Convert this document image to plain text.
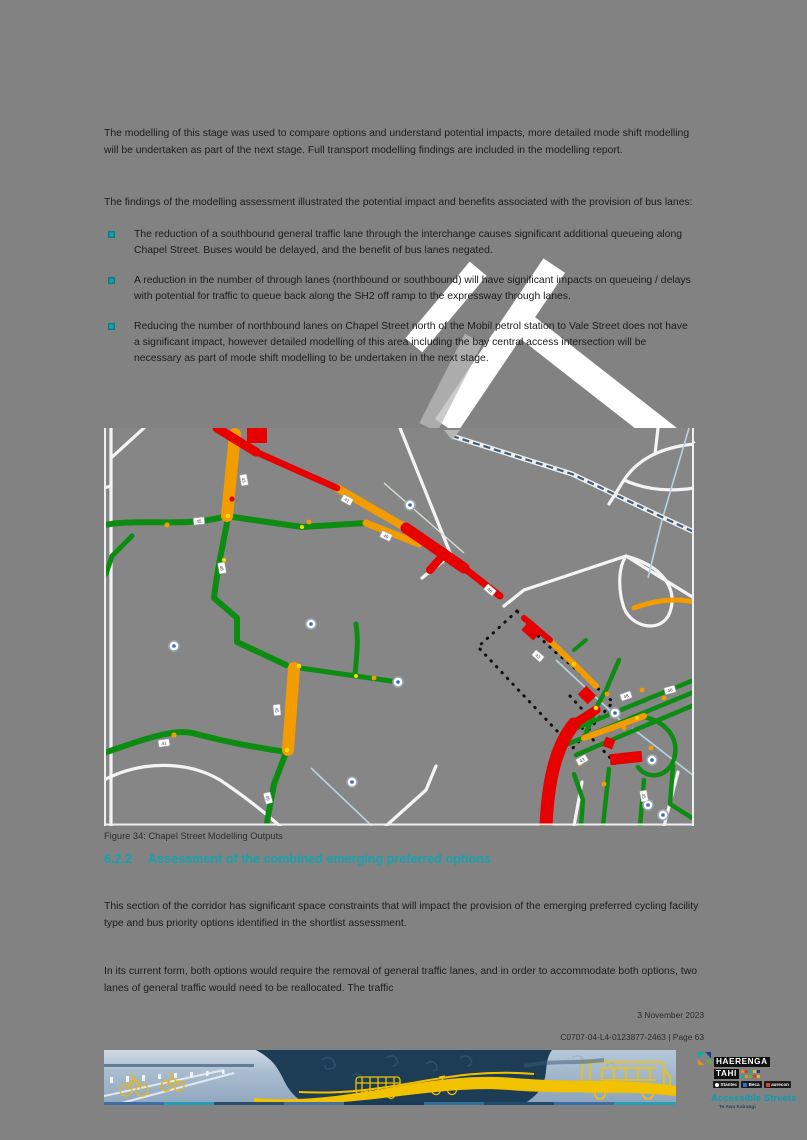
The modelling of this stage was used to compare options and understand potential impacts, more detailed mode shift modelling will be undertaken as part of the next stage. Full transport modelling findings are included in the modelling report.

The findings of the modelling assessment illustrated the potential impact and benefits associated with the provision of bus lanes:

The reduction of a southbound general traffic lane through the interchange causes significant additional queueing along Chapel Street. Buses would be delayed, and the benefit of bus lanes negated.
A reduction in the number of through lanes (northbound or southbound) will have significant impacts on queueing / delays with potential for traffic to queue back along the SH2 off ramp to the expressway through lanes.
Reducing the number of northbound lanes on Chapel Street north of the Mobil petrol station to Vale Street does not have a significant impact, however detailed modelling of this area including the bay central access intersection will be necessary as part of mode shift modelling to be undertaken in the next stage.
43
45
48
41
49
46
43
45
41
48
43
46
45
49
Figure 34: Chapel Street Modelling Outputs
6.2.2 Assessment of the combined emerging preferred options

This section of the corridor has significant space constraints that will impact the provision of the emerging preferred cycling facility type and bus priority options identified in the shortlist assessment.

In its current form, both options would require the removal of general traffic lanes, and in order to accommodate both options, two lanes of general traffic would need to be reallocated. The traffic

3 November 2023
C0707-04-L4-0123877-2463 | Page 63
HAERENGA
TAHI
Stantec	Beca	aurecon
Accessible Streets
Te Awa Kairangi
